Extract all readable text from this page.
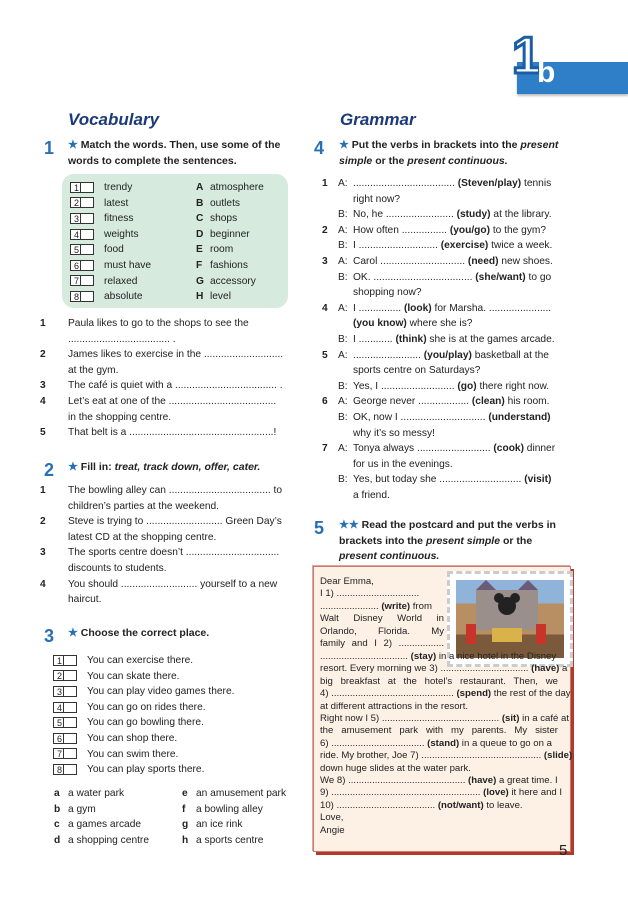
1
b
Vocabulary	Grammar
1 ★ Match the words. Then, use some of the words to complete the sentences.
1 trendy	A atmosphere
2 latest	B outlets
3 fitness	C shops
4 weights	D beginner
5 food	E room
6 must have	F fashions
7 relaxed	G accessory
8 absolute	H level
1 Paula likes to go to the shops to see the
.................................... .
2 James likes to exercise in the ............................
at the gym.
3 The café is quiet with a .................................... .
4 Let’s eat at one of the ......................................
in the shopping centre.
5 That belt is a ...................................................!
2 ★ Fill in: treat, track down, offer, cater.
1 The bowling alley can .................................... to
children’s parties at the weekend.
2 Steve is trying to ........................... Green Day’s
latest CD at the shopping centre.
3 The sports centre doesn’t .................................
discounts to students.
4 You should ........................... yourself to a new
haircut.
3 ★ Choose the correct place.
1 You can exercise there.
2 You can skate there.
3 You can play video games there.
4 You can go on rides there.
5 You can go bowling there.
6 You can shop there.
7 You can swim there.
8 You can play sports there.
a a water park
b a gym
c a games arcade
d a shopping centre
e an amusement park
f a bowling alley
g an ice rink
h a sports centre
4 ★ Put the verbs in brackets into the present simple or the present continuous.
1 A: .................................... (Steven/play) tennis
right now?
B: No, he ........................ (study) at the library.
2 A: How often ................ (you/go) to the gym?
B: I ............................ (exercise) twice a week.
3 A: Carol .............................. (need) new shoes.
B: OK. ................................... (she/want) to go
shopping now?
4 A: I ............... (look) for Marsha. ......................
(you know) where she is?
B: I ............ (think) she is at the games arcade.
5 A: ........................ (you/play) basketball at the
sports centre on Saturdays?
B: Yes, I .......................... (go) there right now.
6 A: George never .................. (clean) his room.
B: OK, now I .............................. (understand)
why it’s so messy!
7 A: Tonya always .......................... (cook) dinner
for us in the evenings.
B: Yes, but today she ............................. (visit)
a friend.
5 ★★ Read the postcard and put the verbs in brackets into the present simple or the present continuous.
Dear Emma,
I 1) ...............................
...................... (write) from
Walt Disney World in
Orlando, Florida. My
family and I 2) .................
................................. (stay) in a nice hotel in the Disney
resort. Every morning we 3) ................................. (have) a
big breakfast at the hotel’s restaurant. Then, we
4) .............................................. (spend) the rest of the day
at different attractions in the resort.
Right now I 5) ............................................ (sit) in a café at
the amusement park with my parents. My sister
6) ................................... (stand) in a queue to go on a
ride. My brother, Joe 7) ............................................. (slide)
down huge slides at the water park.
We 8) ............................................ (have) a great time. I
9) ........................................................ (love) it here and I
10) ..................................... (not/want) to leave.
Love,
Angie
5
